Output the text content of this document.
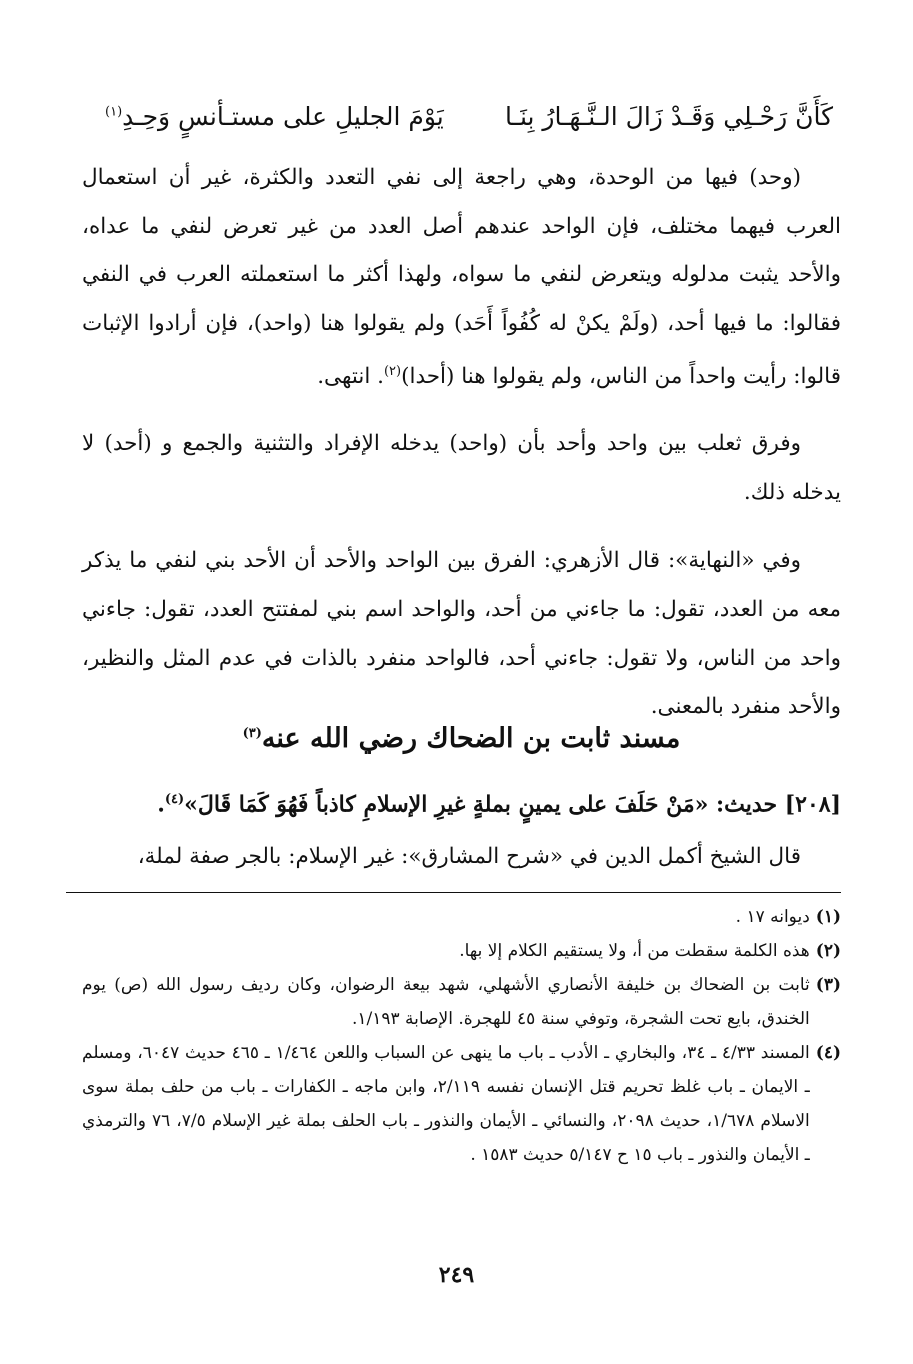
كَأَنَّ رَحْـلِي وَقَـدْ زَالَ الـنَّـهَـارُ بِنَـا
يَوْمَ الجليلِ على مستـأنسٍ وَحِـدِ$^{(١)}$

(وحد) فيها من الوحدة، وهي راجعة إلى نفي التعدد والكثرة، غير أن استعمال العرب فيهما مختلف، فإن الواحد عندهم أصل العدد من غير تعرض لنفي ما عداه، والأحد يثبت مدلوله ويتعرض لنفي ما سواه، ولهذا أكثر ما استعملته العرب في النفي فقالوا: ما فيها أحد، (ولَمْ يكنْ له كُفُواً أَحَد) ولم يقولوا هنا (واحد)، فإن أرادوا الإثبات قالوا: رأيت واحداً من الناس، ولم يقولوا هنا (أحدا)$^{(٢)}$. انتهى.

وفرق ثعلب بين واحد وأحد بأن (واحد) يدخله الإفراد والتثنية والجمع و (أحد) لا يدخله ذلك.

وفي «النهاية»: قال الأزهري: الفرق بين الواحد والأحد أن الأحد بني لنفي ما يذكر معه من العدد، تقول: ما جاءني من أحد، والواحد اسم بني لمفتتح العدد، تقول: جاءني واحد من الناس، ولا تقول: جاءني أحد، فالواحد منفرد بالذات في عدم المثل والنظير، والأحد منفرد بالمعنى.

مسند ثابت بن الضحاك رضي الله عنه$^{(٣)}$
[٢٠٨] حديث: «مَنْ حَلَفَ على يمينٍ بملةٍ غيرِ الإسلامِ كاذباً فَهُوَ كَمَا قَالَ»$^{(٤)}$.
قال الشيخ أكمل الدين في «شرح المشارق»: غير الإسلام: بالجر صفة لملة،
(١)
ديوانه ١٧ .
(٢)
هذه الكلمة سقطت من أ، ولا يستقيم الكلام إلا بها.
(٣)
ثابت بن الضحاك بن خليفة الأنصاري الأشهلي، شهد بيعة الرضوان، وكان رديف رسول الله (ص) يوم الخندق، بايع تحت الشجرة، وتوفي سنة ٤٥ للهجرة. الإصابة ١/١٩٣.
(٤)
المسند ٤/٣٣ ـ ٣٤، والبخاري ـ الأدب ـ باب ما ينهى عن السباب واللعن ١/٤٦٤ ـ ٤٦٥ حديث ٦٠٤٧، ومسلم ـ الايمان ـ باب غلظ تحريم قتل الإنسان نفسه ٢/١١٩، وابن ماجه ـ الكفارات ـ باب من حلف بملة سوى الاسلام ١/٦٧٨، حديث ٢٠٩٨، والنسائي ـ الأيمان والنذور ـ باب الحلف بملة غير الإسلام ٧/٥، ٧٦ والترمذي ـ الأيمان والنذور ـ باب ١٥ ح ٥/١٤٧ حديث ١٥٨٣ .
٢٤٩
